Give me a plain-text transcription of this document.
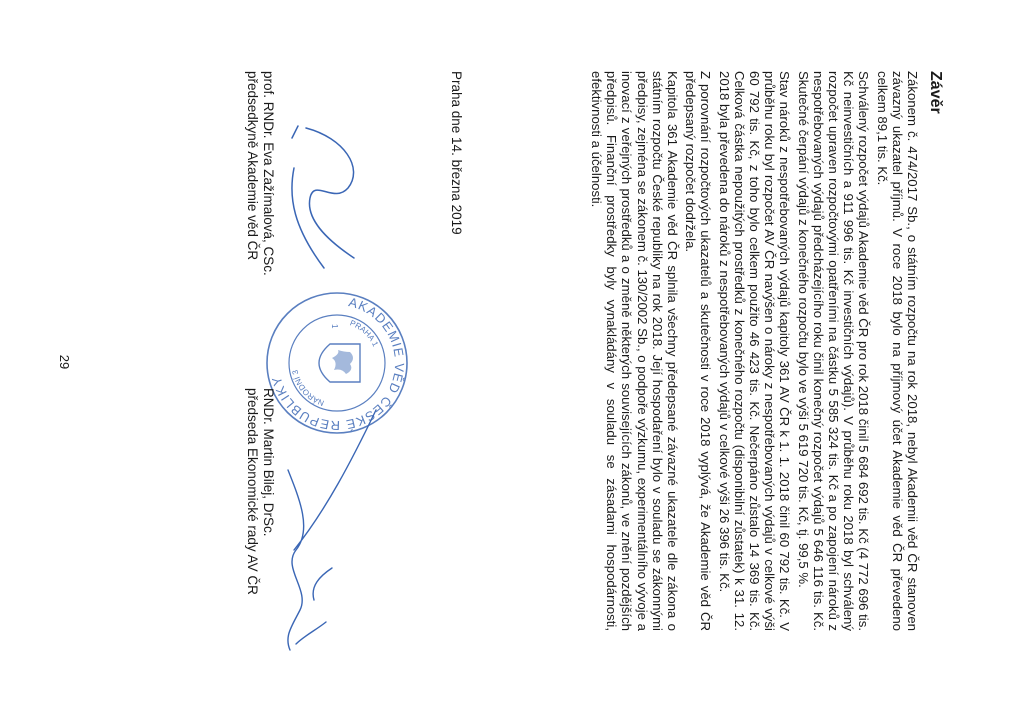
Závěr

Zákonem č. 474/2017 Sb., o státním rozpočtu na rok 2018, nebyl Akademii věd ČR stanoven závazný ukazatel příjmů. V roce 2018 bylo na příjmový účet Akademie věd ČR převedeno celkem 89,1 tis. Kč.

Schválený rozpočet výdajů Akademie věd ČR pro rok 2018 činil 5 684 692 tis. Kč (4 772 696 tis. Kč neinvestičních a 911 996 tis. Kč investičních výdajů). V průběhu roku 2018 byl schválený rozpočet upraven rozpočtovými opatřeními na částku 5 585 324 tis. Kč a po zapojení nároků z nespotřebovaných výdajů předcházejícího roku činil konečný rozpočet výdajů 5 646 116 tis. Kč. Skutečné čerpání výdajů z konečného rozpočtu bylo ve výši 5 619 720 tis. Kč, tj. 99,5 %.

Stav nároků z nespotřebovaných výdajů kapitoly 361 AV ČR k 1. 1. 2018 činil 60 792 tis. Kč. V průběhu roku byl rozpočet AV ČR navýšen o nároky z nespotřebovaných výdajů v celkové výši 60 792 tis. Kč, z toho bylo celkem použito 46 423 tis. Kč. Nečerpáno zůstalo 14 369 tis. Kč. Celková částka nepoužitých prostředků z konečného rozpočtu (disponibilní zůstatek) k 31. 12. 2018 byla převedena do nároků z nespotřebovaných výdajů v celkové výši 26 396 tis. Kč.

Z porovnání rozpočtových ukazatelů a skutečnosti v roce 2018 vyplývá, že Akademie věd ČR předepsaný rozpočet dodržela.

Kapitola 361 Akademie věd ČR splnila všechny předepsané závazné ukazatele dle zákona o státním rozpočtu České republiky na rok 2018. Její hospodaření bylo v souladu se zákonnými předpisy, zejména se zákonem č. 130/2002 Sb., o podpoře výzkumu, experimentálního vývoje a inovací z veřejných prostředků a o změně některých souvisejících zákonů, ve znění pozdějších předpisů. Finanční prostředky byly vynakládány v souladu se zásadami hospodárnosti, efektivnosti a účelnosti.

Praha dne 14. března 2019
AKADEMIE VĚD ČESKÉ REPUBLIKY
PRAHA 1
NÁRODNÍ 3
1
prof. RNDr. Eva Zažímalová, CSc.
předsedkyně Akademie věd ČR
RNDr. Martin Bilej, DrSc.
předseda Ekonomické rady AV ČR
29
